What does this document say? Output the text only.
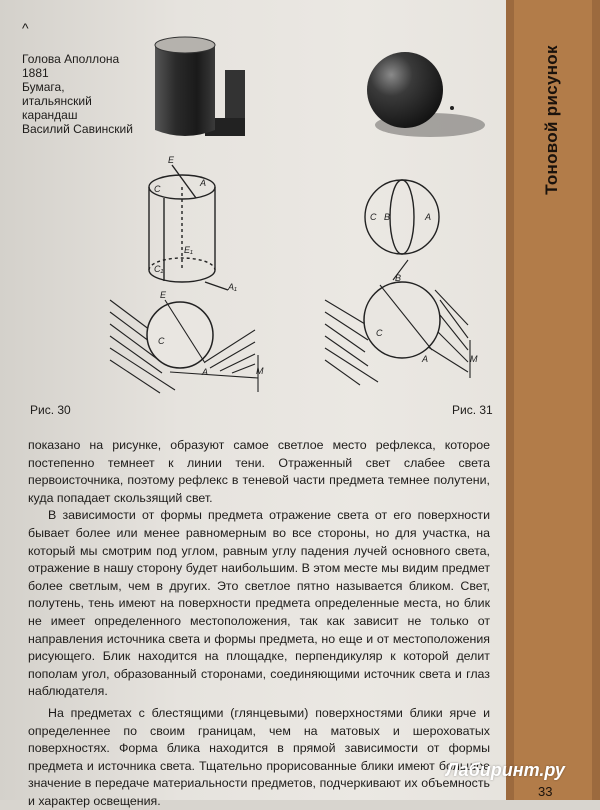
^
Голова Аполлона
1881
Бумага,
итальянский
карандаш
Василий Савинский
E
A
C
E₁
C₁
A₁
C B	A
E
C
A	M
B
C
A	M
Рис. 30	Рис. 31

показано на рисунке, образуют самое светлое место рефлекса, которое постепенно темнеет к линии тени. Отраженный свет слабее света первоисточника, поэтому рефлекс в теневой части предмета темнее полутени, куда попадает скользящий свет.

В зависимости от формы предмета отражение света от его поверхности бывает более или менее равномерным во все стороны, но для участка, на который мы смотрим под углом, равным углу падения лучей основного света, отражение в нашу сторону будет наибольшим. В этом месте мы видим предмет более светлым, чем в других. Это светлое пятно называется бликом. Свет, полутень, тень имеют на поверхности предмета определенные места, но блик не имеет определенного местоположения, так как зависит не только от направления источника света и формы предмета, но еще и от местоположения рисующего. Блик находится на площадке, перпендикуляр к которой делит пополам угол, образованный сторонами, соединяющими источник света и глаз наблюдателя.

На предметах с блестящими (глянцевыми) поверхностями блики ярче и определеннее по своим границам, чем на матовых и шероховатых поверхностях. Форма блика находится в прямой зависимости от формы предмета и источника света. Тщательно прорисованные блики имеют большое значение в передаче материальности предметов, подчеркивают их объемность и характер освещения.

Тоновой рисунок
Лабиринт.ру
33
